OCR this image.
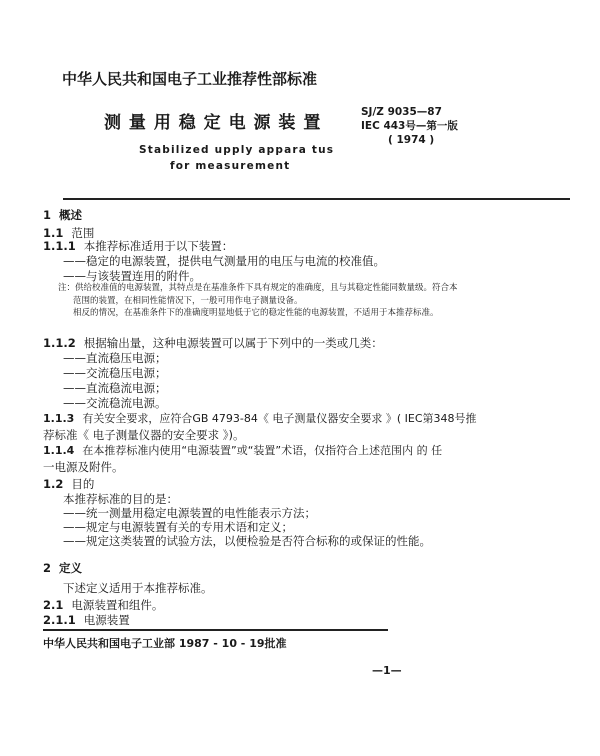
中华人民共和国电子工业推荐性部标准
测 量 用 稳 定 电 源 装 置
Stabilized upply appara tus
for measurement
SJ/Z 9035—87
IEC 443号—第一版
( 1974 )
1 概述
1.1 范围
1.1.1 本推荐标准适用于以下装置：
——稳定的电源装置，提供电气测量用的电压与电流的校准值。
——与该装置连用的附件。
注：供给校准值的电源装置，其特点是在基准条件下具有规定的准确度，且与其稳定性能同数量级。符合本
范围的装置，在相同性能情况下，一般可用作电子测量设备。
相反的情况，在基准条件下的准确度明显地低于它的稳定性能的电源装置，不适用于本推荐标准。
1.1.2 根据输出量，这种电源装置可以属于下列中的一类或几类：
——直流稳压电源；
——交流稳压电源；
——直流稳流电源；
——交流稳流电源。
1.1.3 有关安全要求，应符合GB 4793-84《 电子测量仪器安全要求 》( IEC第348号推
荐标准《 电子测量仪器的安全要求 》)。
1.1.4 在本推荐标准内使用“电源装置”或“装置”术语，仅指符合上述范围内 的 任
一电源及附件。
1.2 目的
本推荐标准的目的是：
——统一测量用稳定电源装置的电性能表示方法；
——规定与电源装置有关的专用术语和定义；
——规定这类装置的试验方法，以便检验是否符合标称的或保证的性能。
2 定义
下述定义适用于本推荐标准。
2.1 电源装置和组件。
2.1.1 电源装置
中华人民共和国电子工业部 1987 - 10 - 19批准
—1—
